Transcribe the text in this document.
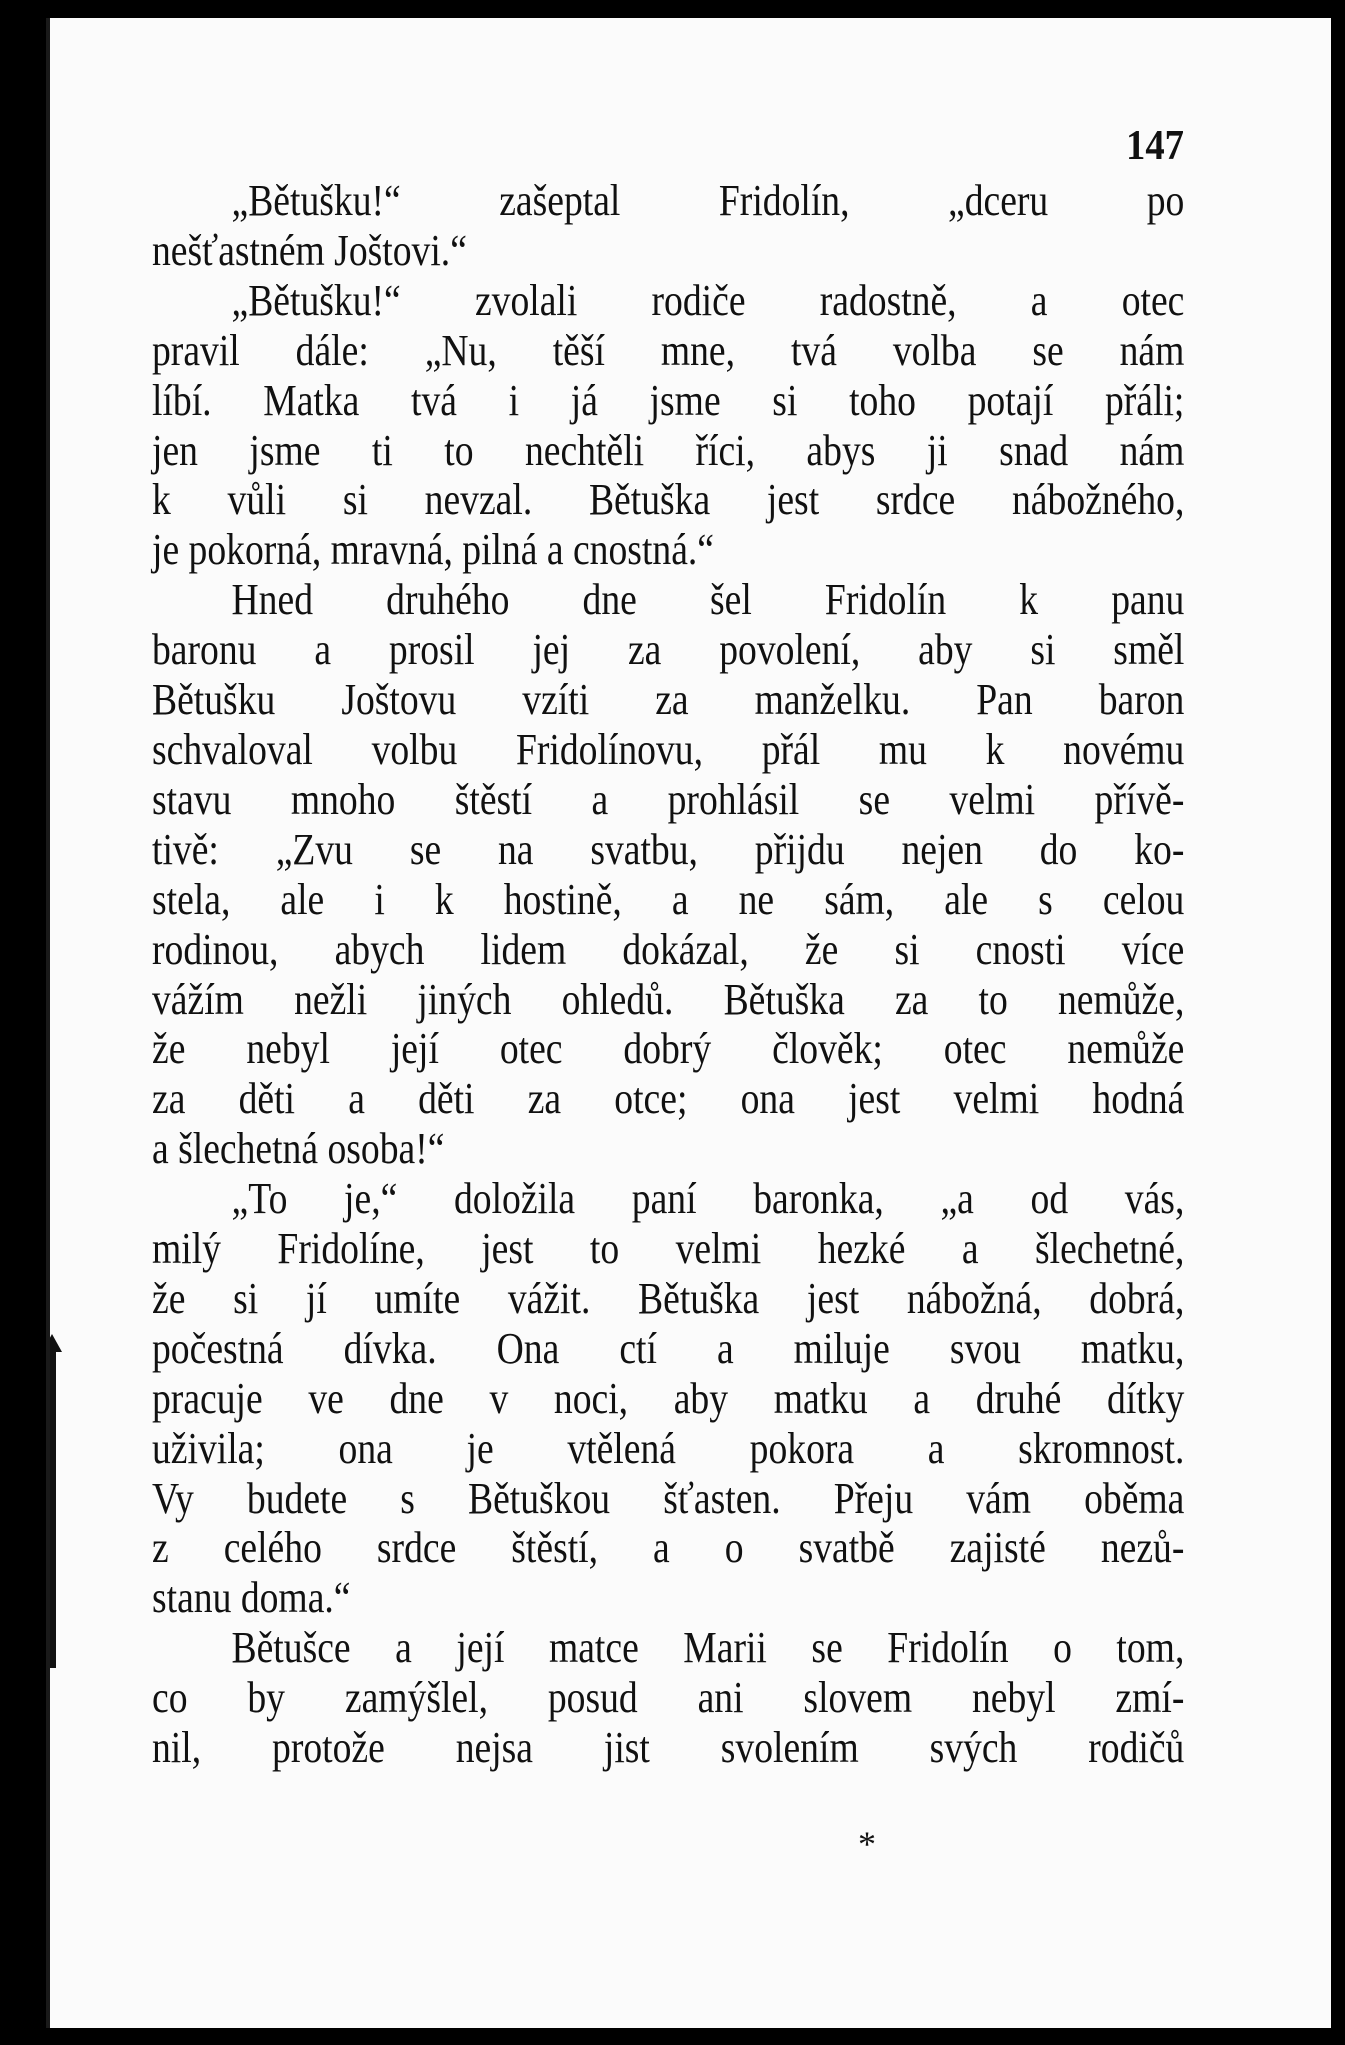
147
„Bětušku!“ zašeptal Fridolín, „dceru po
nešťastném Joštovi.“
„Bětušku!“ zvolali rodiče radostně, a otec
pravil dále: „Nu, těší mne, tvá volba se nám
líbí. Matka tvá i já jsme si toho potají přáli;
jen jsme ti to nechtěli říci, abys ji snad nám
k vůli si nevzal. Bětuška jest srdce nábožného,
je pokorná, mravná, pilná a cnostná.“
Hned druhého dne šel Fridolín k panu
baronu a prosil jej za povolení, aby si směl
Bětušku Joštovu vzíti za manželku. Pan baron
schvaloval volbu Fridolínovu, přál mu k novému
stavu mnoho štěstí a prohlásil se velmi přívě-
tivě: „Zvu se na svatbu, přijdu nejen do ko-
stela, ale i k hostině, a ne sám, ale s celou
rodinou, abych lidem dokázal, že si cnosti více
vážím nežli jiných ohledů. Bětuška za to nemůže,
že nebyl její otec dobrý člověk; otec nemůže
za děti a děti za otce; ona jest velmi hodná
a šlechetná osoba!“
„To je,“ doložila paní baronka, „a od vás,
milý Fridolíne, jest to velmi hezké a šlechetné,
že si jí umíte vážit. Bětuška jest nábožná, dobrá,
počestná dívka. Ona ctí a miluje svou matku,
pracuje ve dne v noci, aby matku a druhé dítky
uživila; ona je vtělená pokora a skromnost.
Vy budete s Bětuškou šťasten. Přeju vám oběma
z celého srdce štěstí, a o svatbě zajisté nezů-
stanu doma.“
Bětušce a její matce Marii se Fridolín o tom,
co by zamýšlel, posud ani slovem nebyl zmí-
nil, protože nejsa jist svolením svých rodičů
*
